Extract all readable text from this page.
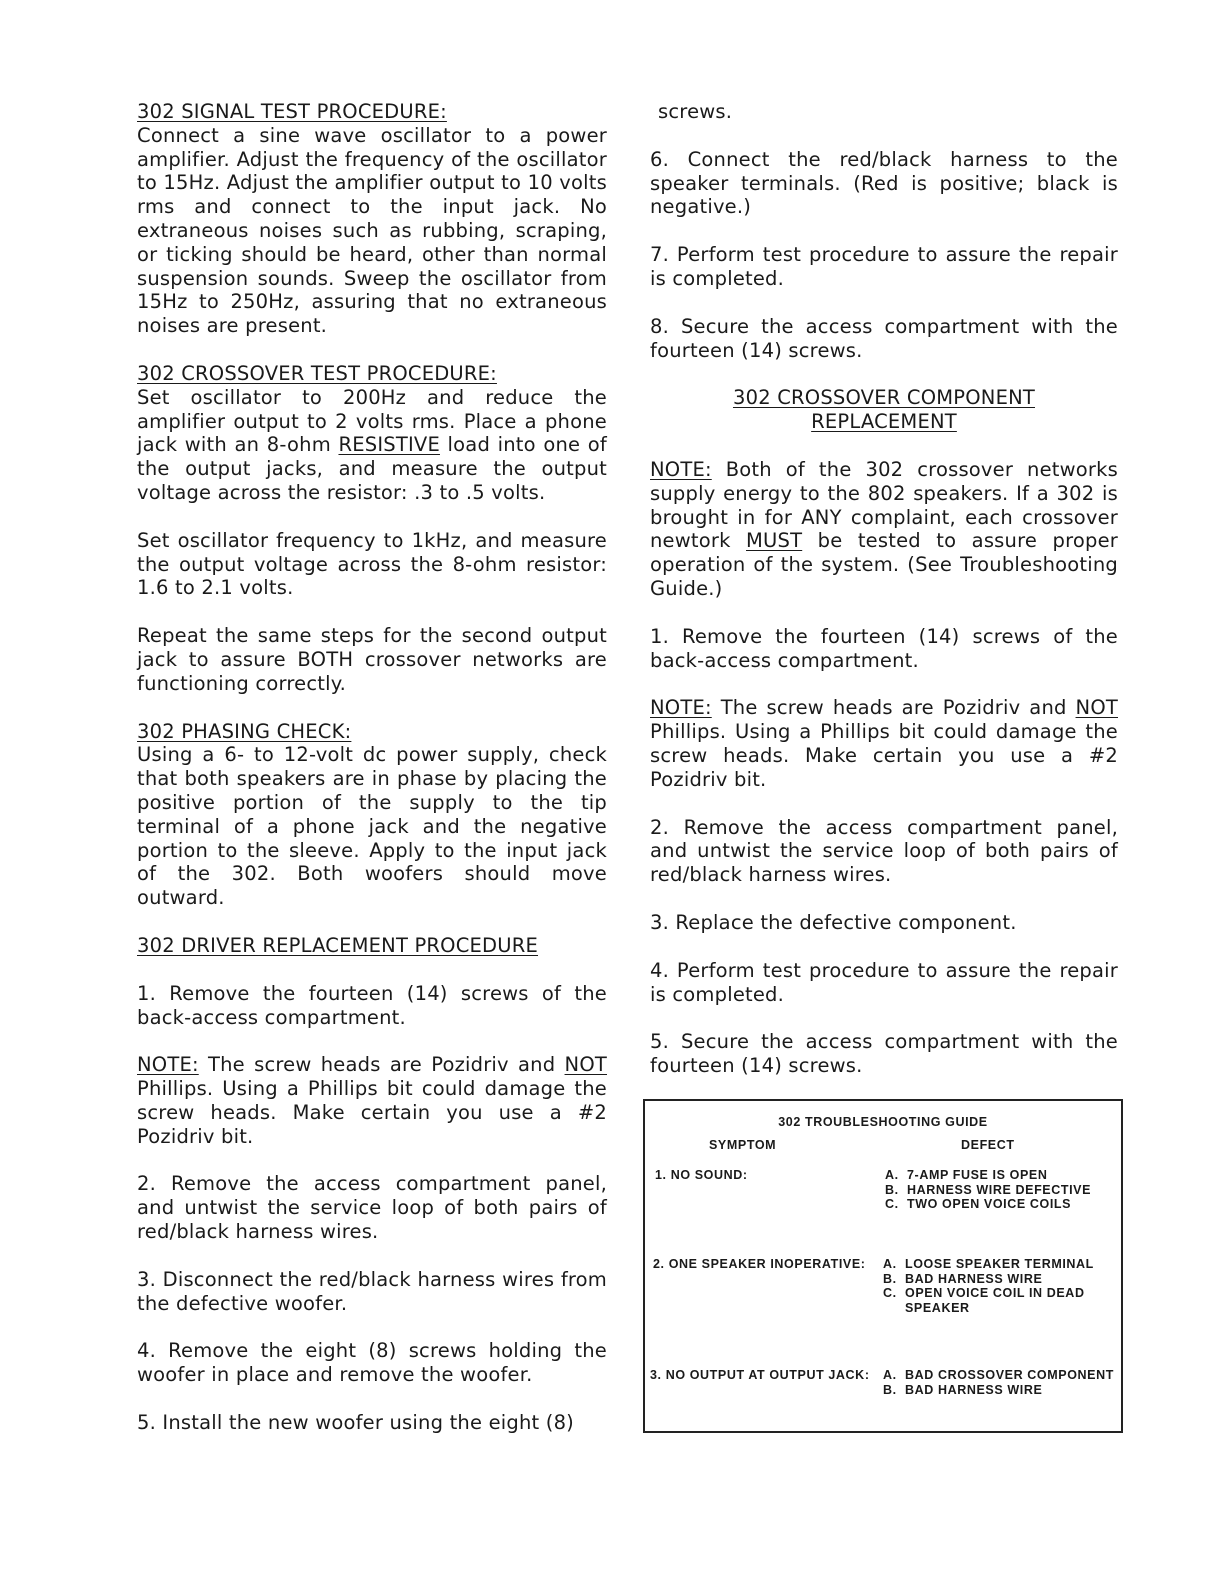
302 SIGNAL TEST PROCEDURE:

Connect a sine wave oscillator to a power amplifier. Adjust the frequency of the oscillator to 15Hz. Adjust the amplifier output to 10 volts rms and connect to the input jack. No extraneous noises such as rubbing, scraping, or ticking should be heard, other than normal suspension sounds. Sweep the oscillator from 15Hz to 250Hz, assuring that no extraneous noises are present.

302 CROSSOVER TEST PROCEDURE:

Set oscillator to 200Hz and reduce the amplifier output to 2 volts rms. Place a phone jack with an 8-ohm RESISTIVE load into one of the output jacks, and measure the output voltage across the resistor: .3 to .5 volts.

Set oscillator frequency to 1kHz, and measure the output voltage across the 8-ohm resistor: 1.6 to 2.1 volts.

Repeat the same steps for the second output jack to assure BOTH crossover networks are functioning correctly.

302 PHASING CHECK:

Using a 6- to 12-volt dc power supply, check that both speakers are in phase by placing the positive portion of the supply to the tip terminal of a phone jack and the negative portion to the sleeve. Apply to the input jack of the 302. Both woofers should move outward.

302 DRIVER REPLACEMENT PROCEDURE

1. Remove the fourteen (14) screws of the back-access compartment.

NOTE: The screw heads are Pozidriv and NOT Phillips. Using a Phillips bit could damage the screw heads. Make certain you use a #2 Pozidriv bit.

2. Remove the access compartment panel, and untwist the service loop of both pairs of red/black harness wires.

3. Disconnect the red/black harness wires from the defective woofer.

4. Remove the eight (8) screws holding the woofer in place and remove the woofer.

5. Install the new woofer using the eight (8)

screws.

6. Connect the red/black harness to the speaker terminals. (Red is positive; black is negative.)

7. Perform test procedure to assure the repair is completed.

8. Secure the access compartment with the fourteen (14) screws.

302 CROSSOVER COMPONENT
REPLACEMENT

NOTE: Both of the 302 crossover networks supply energy to the 802 speakers. If a 302 is brought in for ANY complaint, each crossover newtork MUST be tested to assure proper operation of the system. (See Troubleshooting Guide.)

1. Remove the fourteen (14) screws of the back-access compartment.

NOTE: The screw heads are Pozidriv and NOT Phillips. Using a Phillips bit could damage the screw heads. Make certain you use a #2 Pozidriv bit.

2. Remove the access compartment panel, and untwist the service loop of both pairs of red/black harness wires.

3. Replace the defective component.

4. Perform test procedure to assure the repair is completed.

5. Secure the access compartment with the fourteen (14) screws.

302 TROUBLESHOOTING GUIDE
SYMPTOM	DEFECT
1. NO SOUND:	A. 7-AMP FUSE IS OPEN
B. HARNESS WIRE DEFECTIVE
C. TWO OPEN VOICE COILS
2. ONE SPEAKER INOPERATIVE: A. LOOSE SPEAKER TERMINAL
B. BAD HARNESS WIRE
C. OPEN VOICE COIL IN DEAD SPEAKER
3. NO OUTPUT AT OUTPUT JACK: A. BAD CROSSOVER COMPONENT
B. BAD HARNESS WIRE
